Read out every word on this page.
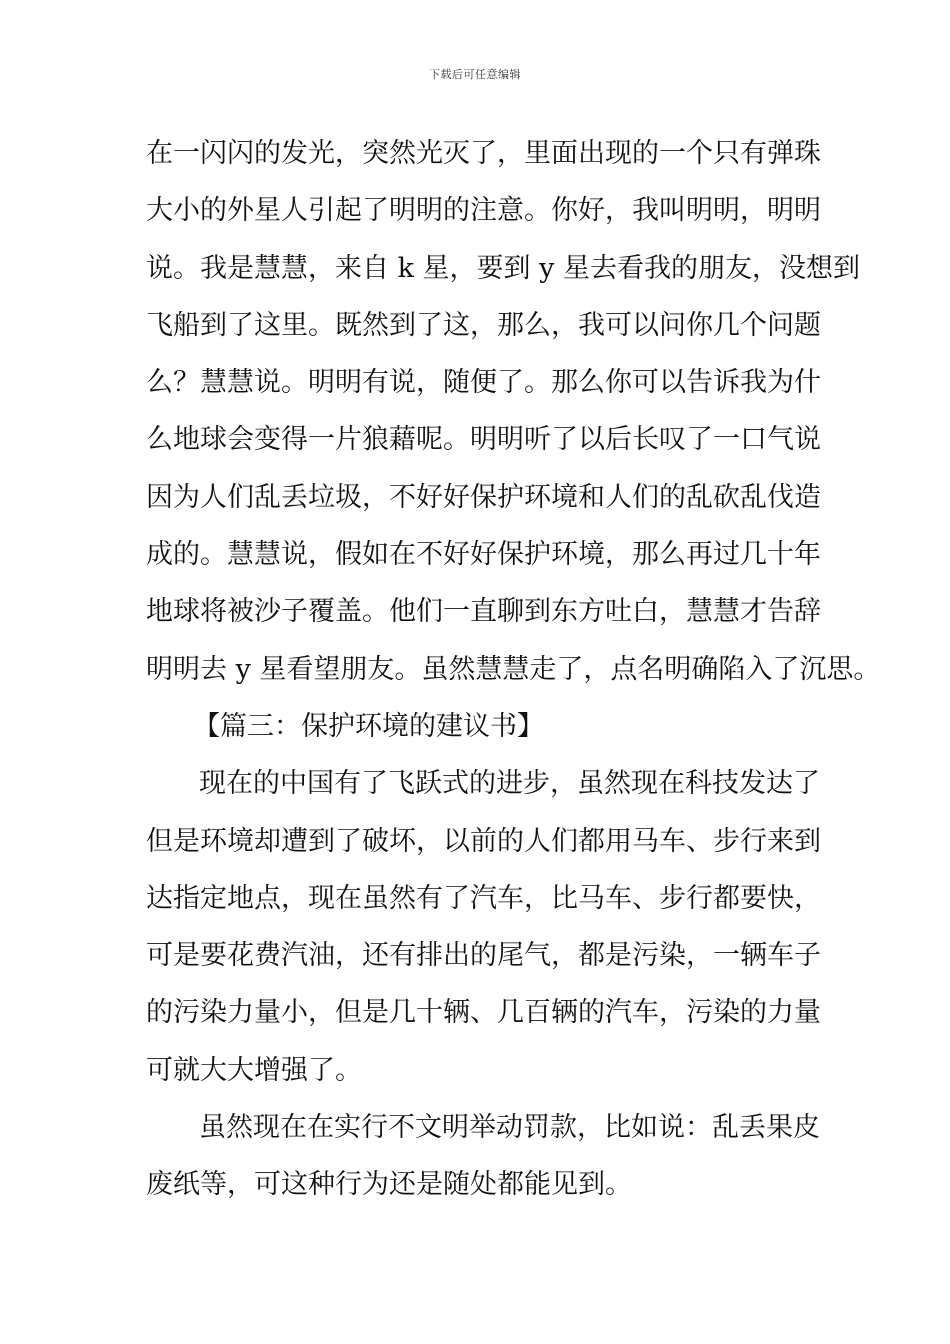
下载后可任意编辑
在一闪闪的发光，突然光灭了，里面出现的一个只有弹珠
大小的外星人引起了明明的注意。你好，我叫明明，明明
说。我是慧慧，来自 k 星，要到 y 星去看我的朋友，没想到
飞船到了这里。既然到了这，那么，我可以问你几个问题
么？慧慧说。明明有说，随便了。那么你可以告诉我为什
么地球会变得一片狼藉呢。明明听了以后长叹了一口气说
因为人们乱丢垃圾，不好好保护环境和人们的乱砍乱伐造
成的。慧慧说，假如在不好好保护环境，那么再过几十年
地球将被沙子覆盖。他们一直聊到东方吐白，慧慧才告辞
明明去 y 星看望朋友。虽然慧慧走了，点名明确陷入了沉思。
【篇三：保护环境的建议书】
现在的中国有了飞跃式的进步，虽然现在科技发达了
但是环境却遭到了破坏，以前的人们都用马车、步行来到
达指定地点，现在虽然有了汽车，比马车、步行都要快，
可是要花费汽油，还有排出的尾气，都是污染，一辆车子
的污染力量小，但是几十辆、几百辆的汽车，污染的力量
可就大大增强了。
虽然现在在实行不文明举动罚款，比如说：乱丢果皮
废纸等，可这种行为还是随处都能见到。
